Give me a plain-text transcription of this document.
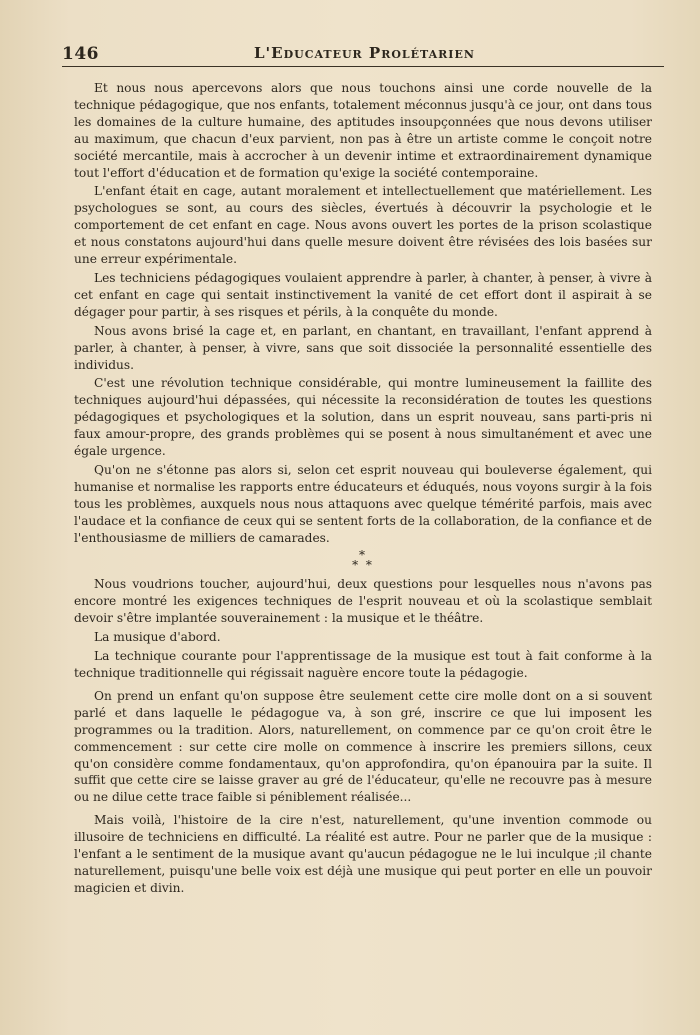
146	L'Educateur Prolétarien

Et nous nous apercevons alors que nous touchons ainsi une corde nouvelle de la technique pédagogique, que nos enfants, totalement méconnus jusqu'à ce jour, ont dans tous les domaines de la culture humaine, des aptitudes insoupçonnées que nous devons utiliser au maximum, que chacun d'eux parvient, non pas à être un artiste comme le conçoit notre société mercantile, mais à accrocher à un devenir intime et extraordinairement dynamique tout l'effort d'éducation et de formation qu'exige la société contemporaine.

L'enfant était en cage, autant moralement et intellectuellement que matériellement. Les psychologues se sont, au cours des siècles, évertués à découvrir la psychologie et le comportement de cet enfant en cage. Nous avons ouvert les portes de la prison scolastique et nous constatons aujourd'hui dans quelle mesure doivent être révisées des lois basées sur une erreur expérimentale.

Les techniciens pédagogiques voulaient apprendre à parler, à chanter, à penser, à vivre à cet enfant en cage qui sentait instinctivement la vanité de cet effort dont il aspirait à se dégager pour partir, à ses risques et périls, à la conquête du monde.

Nous avons brisé la cage et, en parlant, en chantant, en travaillant, l'enfant apprend à parler, à chanter, à penser, à vivre, sans que soit dissociée la personnalité essentielle des individus.

C'est une révolution technique considérable, qui montre lumineusement la faillite des techniques aujourd'hui dépassées, qui nécessite la reconsidération de toutes les questions pédagogiques et psychologiques et la solution, dans un esprit nouveau, sans parti-pris ni faux amour-propre, des grands problèmes qui se posent à nous simultanément et avec une égale urgence.

Qu'on ne s'étonne pas alors si, selon cet esprit nouveau qui bouleverse également, qui humanise et normalise les rapports entre éducateurs et éduqués, nous voyons surgir à la fois tous les problèmes, auxquels nous nous attaquons avec quelque témérité parfois, mais avec l'audace et la confiance de ceux qui se sentent forts de la collaboration, de la confiance et de l'enthousiasme de milliers de camarades.

*
* *

Nous voudrions toucher, aujourd'hui, deux questions pour lesquelles nous n'avons pas encore montré les exigences techniques de l'esprit nouveau et où la scolastique semblait devoir s'être implantée souverainement : la musique et le théâtre.

La musique d'abord.

La technique courante pour l'apprentissage de la musique est tout à fait conforme à la technique traditionnelle qui régissait naguère encore toute la pédagogie.

On prend un enfant qu'on suppose être seulement cette cire molle dont on a si souvent parlé et dans laquelle le pédagogue va, à son gré, inscrire ce que lui imposent les programmes ou la tradition. Alors, naturellement, on commence par ce qu'on croit être le commencement : sur cette cire molle on commence à inscrire les premiers sillons, ceux qu'on considère comme fondamentaux, qu'on approfondira, qu'on épanouira par la suite. Il suffit que cette cire se laisse graver au gré de l'éducateur, qu'elle ne recouvre pas à mesure ou ne dilue cette trace faible si péniblement réalisée...

Mais voilà, l'histoire de la cire n'est, naturellement, qu'une invention commode ou illusoire de techniciens en difficulté. La réalité est autre. Pour ne parler que de la musique : l'enfant a le sentiment de la musique avant qu'aucun pédagogue ne le lui inculque ;il chante naturellement, puisqu'une belle voix est déjà une musique qui peut porter en elle un pouvoir magicien et divin.
